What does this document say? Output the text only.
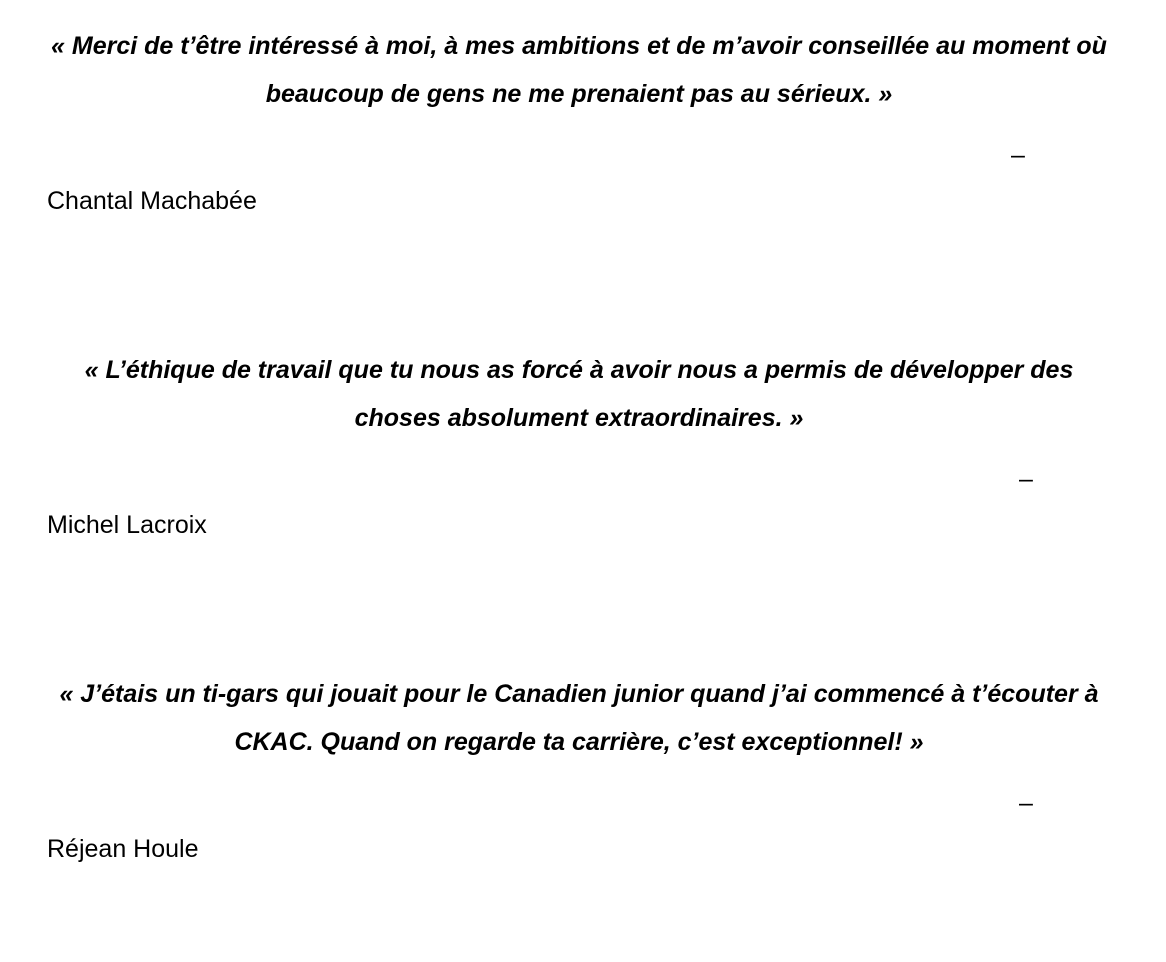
« Merci de t’être intéressé à moi, à mes ambitions et de m’avoir conseillée au moment où beaucoup de gens ne me prenaient pas au sérieux. »

–

Chantal Machabée

« L’éthique de travail que tu nous as forcé à avoir nous a permis de développer des choses absolument extraordinaires. »

–

Michel Lacroix

« J’étais un ti-gars qui jouait pour le Canadien junior quand j’ai commencé à t’écouter à CKAC. Quand on regarde ta carrière, c’est exceptionnel! »

–

Réjean Houle
